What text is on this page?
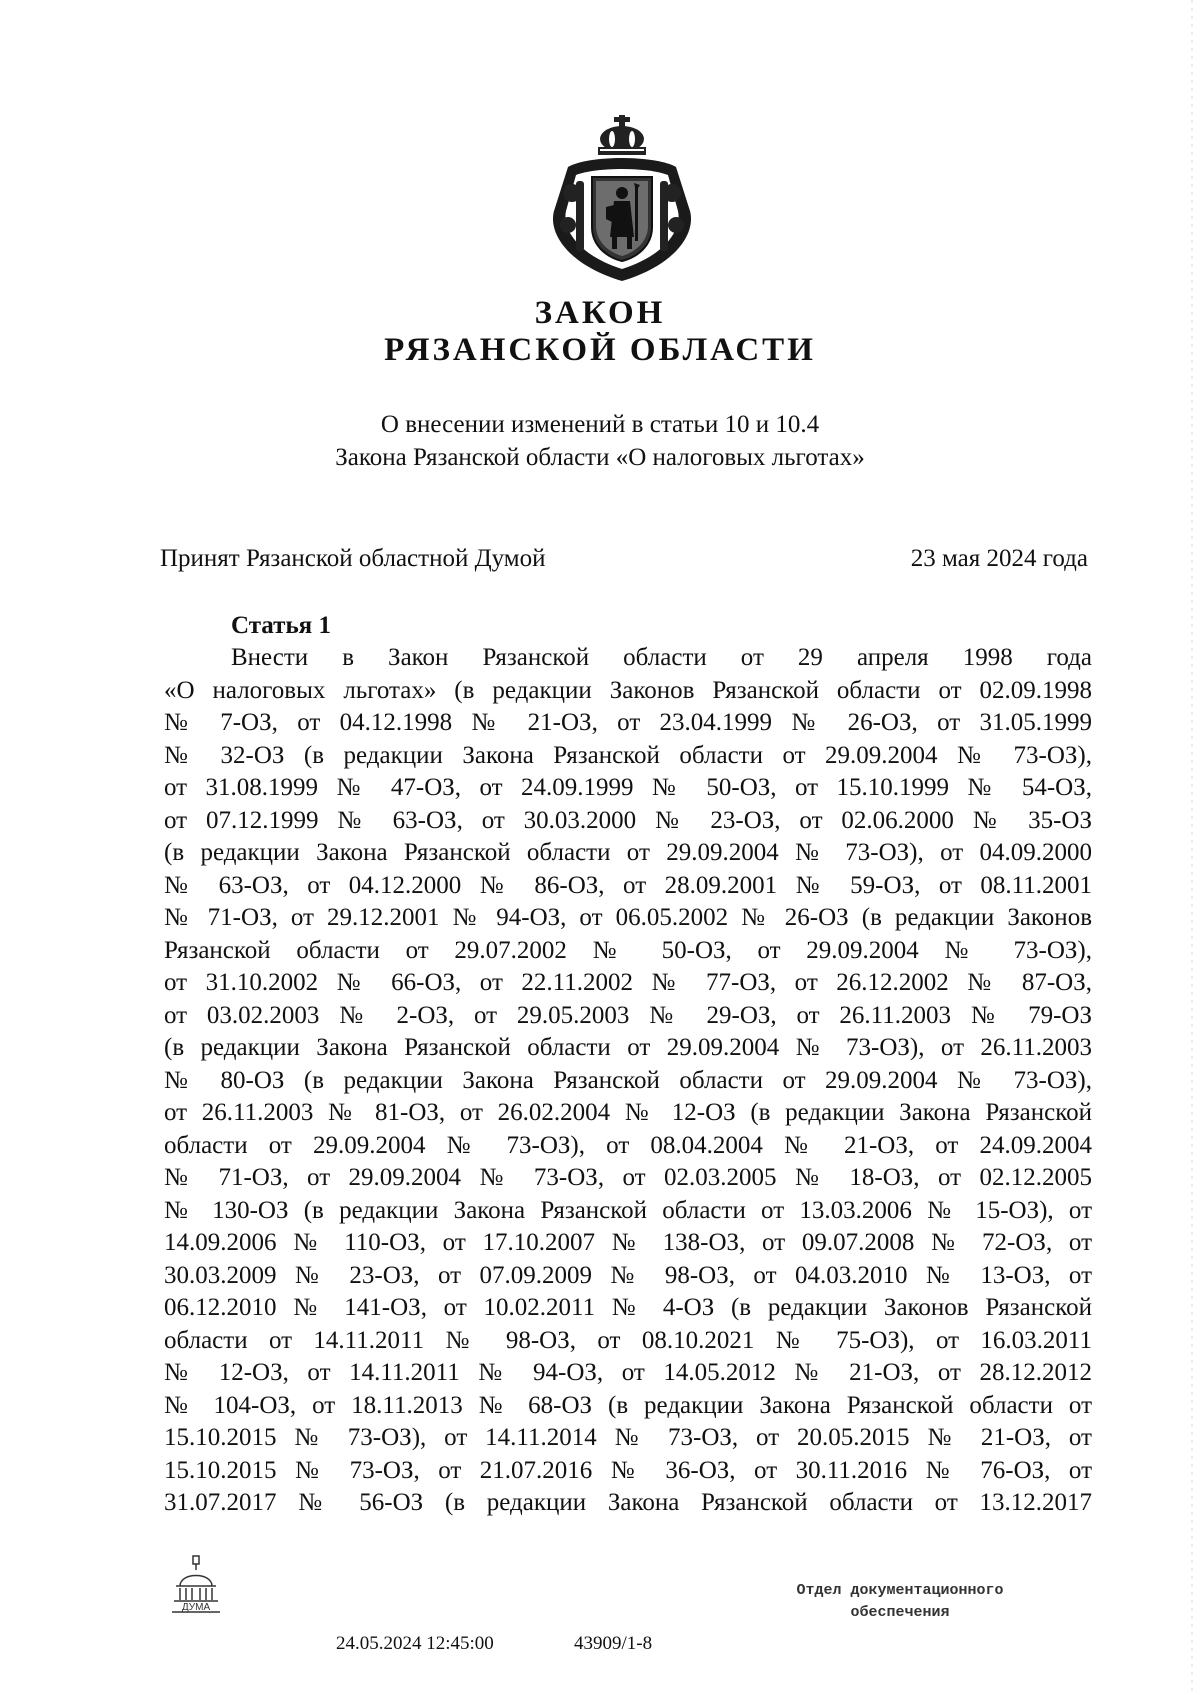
ЗАКОН
РЯЗАНСКОЙ ОБЛАСТИ
О внесении изменений в статьи 10 и 10.4
Закона Рязанской области «О налоговых льготах»
Принят Рязанской областной Думой	23 мая 2024 года
Статья 1
Внести в Закон Рязанской области от 29 апреля 1998 года
«О налоговых льготах» (в редакции Законов Рязанской области от 02.09.1998
№ 7-ОЗ, от 04.12.1998 № 21-ОЗ, от 23.04.1999 № 26-ОЗ, от 31.05.1999
№ 32-ОЗ (в редакции Закона Рязанской области от 29.09.2004 № 73-ОЗ),
от 31.08.1999 № 47-ОЗ, от 24.09.1999 № 50-ОЗ, от 15.10.1999 № 54-ОЗ,
от 07.12.1999 № 63-ОЗ, от 30.03.2000 № 23-ОЗ, от 02.06.2000 № 35-ОЗ
(в редакции Закона Рязанской области от 29.09.2004 № 73-ОЗ), от 04.09.2000
№ 63-ОЗ, от 04.12.2000 № 86-ОЗ, от 28.09.2001 № 59-ОЗ, от 08.11.2001
№ 71-ОЗ, от 29.12.2001 № 94-ОЗ, от 06.05.2002 № 26-ОЗ (в редакции Законов
Рязанской области от 29.07.2002 № 50-ОЗ, от 29.09.2004 № 73-ОЗ),
от 31.10.2002 № 66-ОЗ, от 22.11.2002 № 77-ОЗ, от 26.12.2002 № 87-ОЗ,
от 03.02.2003 № 2-ОЗ, от 29.05.2003 № 29-ОЗ, от 26.11.2003 № 79-ОЗ
(в редакции Закона Рязанской области от 29.09.2004 № 73-ОЗ), от 26.11.2003
№ 80-ОЗ (в редакции Закона Рязанской области от 29.09.2004 № 73-ОЗ),
от 26.11.2003 № 81-ОЗ, от 26.02.2004 № 12-ОЗ (в редакции Закона Рязанской
области от 29.09.2004 № 73-ОЗ), от 08.04.2004 № 21-ОЗ, от 24.09.2004
№ 71-ОЗ, от 29.09.2004 № 73-ОЗ, от 02.03.2005 № 18-ОЗ, от 02.12.2005
№ 130-ОЗ (в редакции Закона Рязанской области от 13.03.2006 № 15-ОЗ), от
14.09.2006 № 110-ОЗ, от 17.10.2007 № 138-ОЗ, от 09.07.2008 № 72-ОЗ, от
30.03.2009 № 23-ОЗ, от 07.09.2009 № 98-ОЗ, от 04.03.2010 № 13-ОЗ, от
06.12.2010 № 141-ОЗ, от 10.02.2011 № 4-ОЗ (в редакции Законов Рязанской
области от 14.11.2011 № 98-ОЗ, от 08.10.2021 № 75-ОЗ), от 16.03.2011
№ 12-ОЗ, от 14.11.2011 № 94-ОЗ, от 14.05.2012 № 21-ОЗ, от 28.12.2012
№ 104-ОЗ, от 18.11.2013 № 68-ОЗ (в редакции Закона Рязанской области от
15.10.2015 № 73-ОЗ), от 14.11.2014 № 73-ОЗ, от 20.05.2015 № 21-ОЗ, от
15.10.2015 № 73-ОЗ, от 21.07.2016 № 36-ОЗ, от 30.11.2016 № 76-ОЗ, от
31.07.2017 № 56-ОЗ (в редакции Закона Рязанской области от 13.12.2017
ДУМА
24.05.2024 12:45:00	43909/1-8
Отдел документационного
обеспечения
